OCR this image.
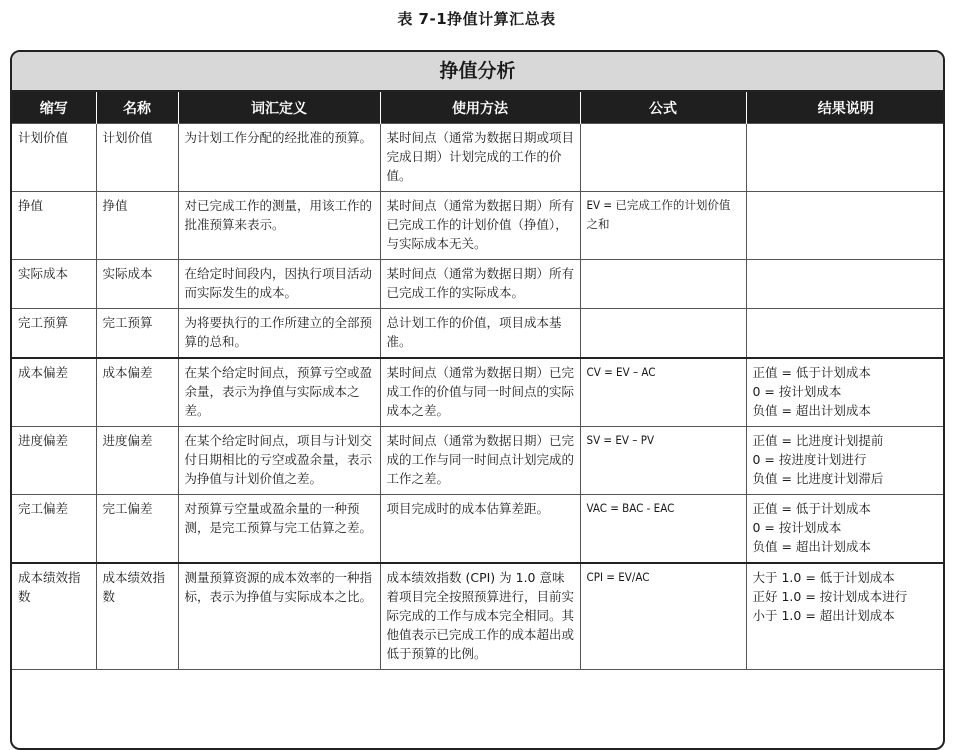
表 7-1挣值计算汇总表
挣值分析
缩写	名称	词汇定义	使用方法	公式	结果说明
计划价值	计划价值	为计划工作分配的经批准的预算。	某时间点（通常为数据日期或项目完成日期）计划完成的工作的价值。		

挣值	挣值	对已完成工作的测量，用该工作的批准预算来表示。	某时间点（通常为数据日期）所有已完成工作的计划价值（挣值），与实际成本无关。	EV = 已完成工作的计划价值之和	

实际成本	实际成本	在给定时间段内，因执行项目活动而实际发生的成本。	某时间点（通常为数据日期）所有已完成工作的实际成本。		

完工预算	完工预算	为将要执行的工作所建立的全部预算的总和。	总计划工作的价值，项目成本基准。		

成本偏差	成本偏差	在某个给定时间点，预算亏空或盈余量，表示为挣值与实际成本之差。	某时间点（通常为数据日期）已完成工作的价值与同一时间点的实际成本之差。	CV = EV – AC	正值 = 低于计划成本
0 = 按计划成本
负值 = 超出计划成本

进度偏差	进度偏差	在某个给定时间点，项目与计划交付日期相比的亏空或盈余量，表示为挣值与计划价值之差。	某时间点（通常为数据日期）已完成的工作与同一时间点计划完成的工作之差。	SV = EV – PV	正值 = 比进度计划提前
0 = 按进度计划进行
负值 = 比进度计划滞后

完工偏差	完工偏差	对预算亏空量或盈余量的一种预测，是完工预算与完工估算之差。	项目完成时的成本估算差距。	VAC = BAC - EAC	正值 = 低于计划成本
0 = 按计划成本
负值 = 超出计划成本

成本绩效指数	成本绩效指数	测量预算资源的成本效率的一种指标，表示为挣值与实际成本之比。	成本绩效指数 (CPI) 为 1.0 意味着项目完全按照预算进行，目前实际完成的工作与成本完全相同。其他值表示已完成工作的成本超出或低于预算的比例。	CPI = EV/AC	大于 1.0 = 低于计划成本
正好 1.0 = 按计划成本进行
小于 1.0 = 超出计划成本
